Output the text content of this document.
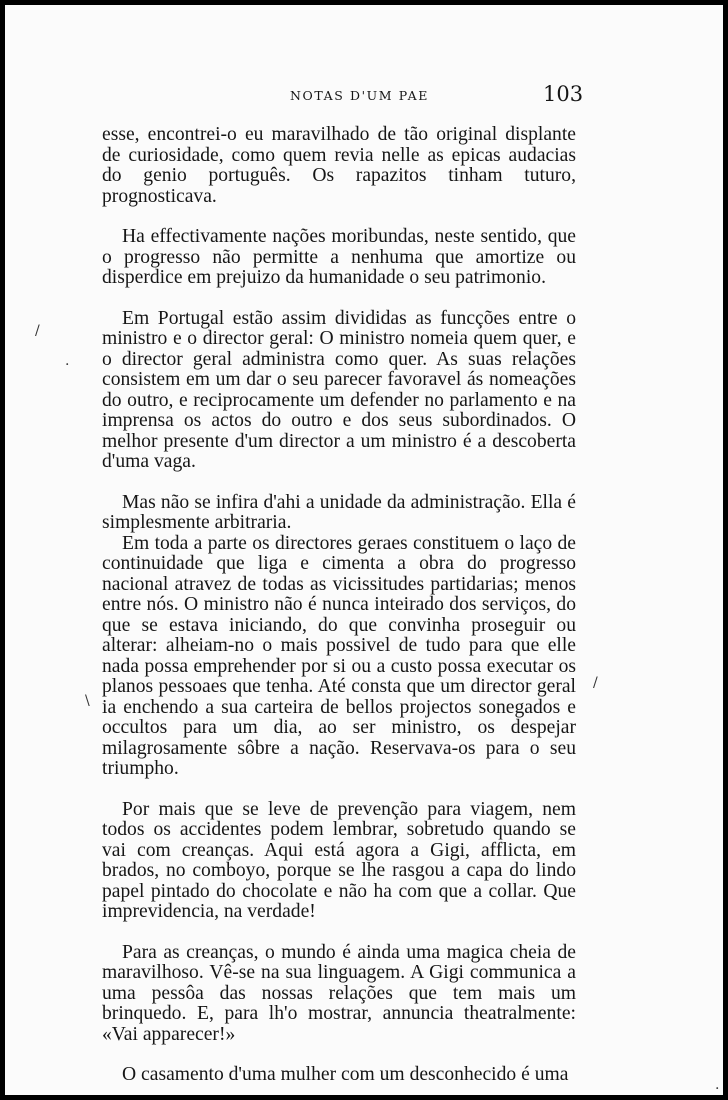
NOTAS D'UM PAE	103

esse, encontrei-o eu maravilhado de tão original displante de curiosidade, como quem revia nelle as epicas audacias do genio português. Os rapazitos tinham tuturo, prognosticava.

Ha effectivamente nações moribundas, neste sentido, que o progresso não permitte a nenhuma que amortize ou disperdice em prejuizo da humanidade o seu patrimonio.

Em Portugal estão assim divididas as funcções entre o ministro e o director geral: O ministro nomeia quem quer, e o director geral administra como quer. As suas relações consistem em um dar o seu parecer favoravel ás nomeações do outro, e reciprocamente um defender no parlamento e na imprensa os actos do outro e dos seus subordinados. O melhor presente d'um director a um ministro é a descoberta d'uma vaga.

Mas não se infira d'ahi a unidade da administração. Ella é simplesmente arbitraria.

Em toda a parte os directores geraes constituem o laço de continuidade que liga e cimenta a obra do progresso nacional atravez de todas as vicissitudes partidarias; menos entre nós. O ministro não é nunca inteirado dos serviços, do que se estava iniciando, do que convinha proseguir ou alterar: alheiam-no o mais possivel de tudo para que elle nada possa emprehender por si ou a custo possa executar os planos pessoaes que tenha. Até consta que um director geral ia enchendo a sua carteira de bellos projectos sonegados e occultos para um dia, ao ser ministro, os despejar milagrosamente sôbre a nação. Reservava-os para o seu triumpho.

Por mais que se leve de prevenção para viagem, nem todos os accidentes podem lembrar, sobretudo quando se vai com creanças. Aqui está agora a Gigi, afflicta, em brados, no comboyo, porque se lhe rasgou a capa do lindo papel pintado do chocolate e não ha com que a collar. Que imprevidencia, na verdade!

Para as creanças, o mundo é ainda uma magica cheia de maravilhoso. Vê-se na sua linguagem. A Gigi communica a uma pessôa das nossas relações que tem mais um brinquedo. E, para lh'o mostrar, annuncia theatralmente: «Vai apparecer!»

O casamento d'uma mulher com um desconhecido é uma

/
.
\
/
.
